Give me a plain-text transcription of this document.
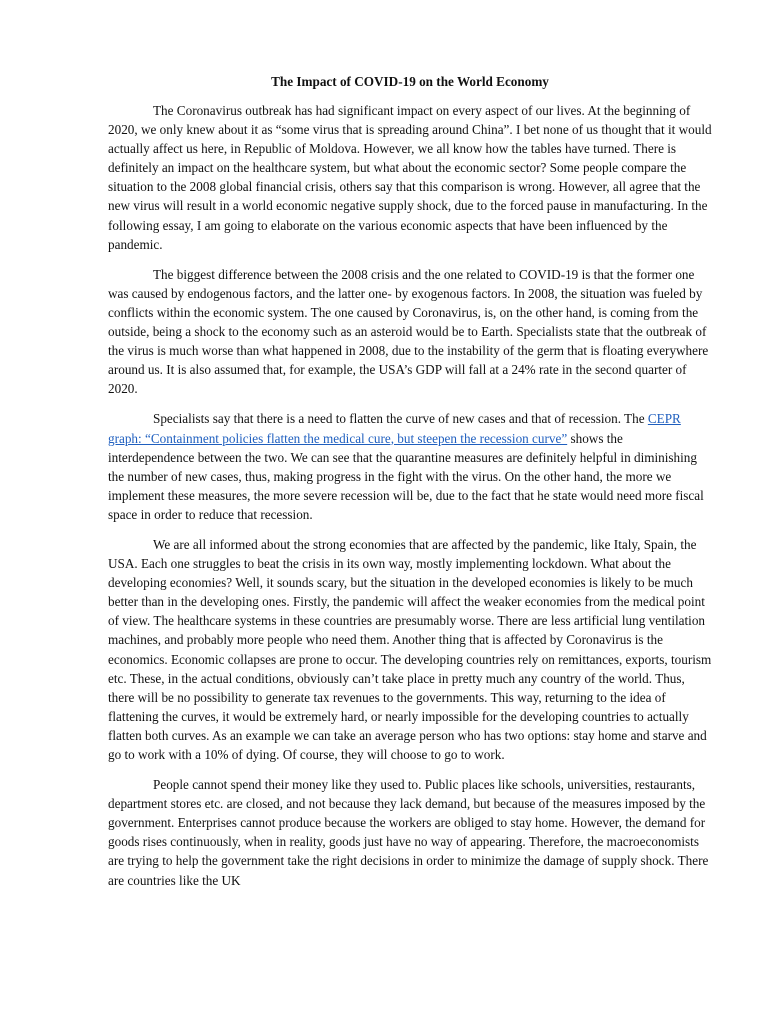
The Impact of COVID-19 on the World Economy

The Coronavirus outbreak has had significant impact on every aspect of our lives. At the beginning of 2020, we only knew about it as “some virus that is spreading around China”. I bet none of us thought that it would actually affect us here, in Republic of Moldova. However, we all know how the tables have turned. There is definitely an impact on the healthcare system, but what about the economic sector? Some people compare the situation to the 2008 global financial crisis, others say that this comparison is wrong. However, all agree that the new virus will result in a world economic negative supply shock, due to the forced pause in manufacturing. In the following essay, I am going to elaborate on the various economic aspects that have been influenced by the pandemic.

The biggest difference between the 2008 crisis and the one related to COVID-19 is that the former one was caused by endogenous factors, and the latter one- by exogenous factors. In 2008, the situation was fueled by conflicts within the economic system. The one caused by Coronavirus, is, on the other hand, is coming from the outside, being a shock to the economy such as an asteroid would be to Earth. Specialists state that the outbreak of the virus is much worse than what happened in 2008, due to the instability of the germ that is floating everywhere around us. It is also assumed that, for example, the USA’s GDP will fall at a 24% rate in the second quarter of 2020.

Specialists say that there is a need to flatten the curve of new cases and that of recession. The CEPR graph: “Containment policies flatten the medical cure, but steepen the recession curve” shows the interdependence between the two. We can see that the quarantine measures are definitely helpful in diminishing the number of new cases, thus, making progress in the fight with the virus. On the other hand, the more we implement these measures, the more severe recession will be, due to the fact that he state would need more fiscal space in order to reduce that recession.

We are all informed about the strong economies that are affected by the pandemic, like Italy, Spain, the USA. Each one struggles to beat the crisis in its own way, mostly implementing lockdown. What about the developing economies? Well, it sounds scary, but the situation in the developed economies is likely to be much better than in the developing ones. Firstly, the pandemic will affect the weaker economies from the medical point of view. The healthcare systems in these countries are presumably worse. There are less artificial lung ventilation machines, and probably more people who need them. Another thing that is affected by Coronavirus is the economics. Economic collapses are prone to occur. The developing countries rely on remittances, exports, tourism etc. These, in the actual conditions, obviously can’t take place in pretty much any country of the world. Thus, there will be no possibility to generate tax revenues to the governments. This way, returning to the idea of flattening the curves, it would be extremely hard, or nearly impossible for the developing countries to actually flatten both curves. As an example we can take an average person who has two options: stay home and starve and go to work with a 10% of dying. Of course, they will choose to go to work.

People cannot spend their money like they used to. Public places like schools, universities, restaurants, department stores etc. are closed, and not because they lack demand, but because of the measures imposed by the government. Enterprises cannot produce because the workers are obliged to stay home. However, the demand for goods rises continuously, when in reality, goods just have no way of appearing. Therefore, the macroeconomists are trying to help the government take the right decisions in order to minimize the damage of supply shock. There are countries like the UK
